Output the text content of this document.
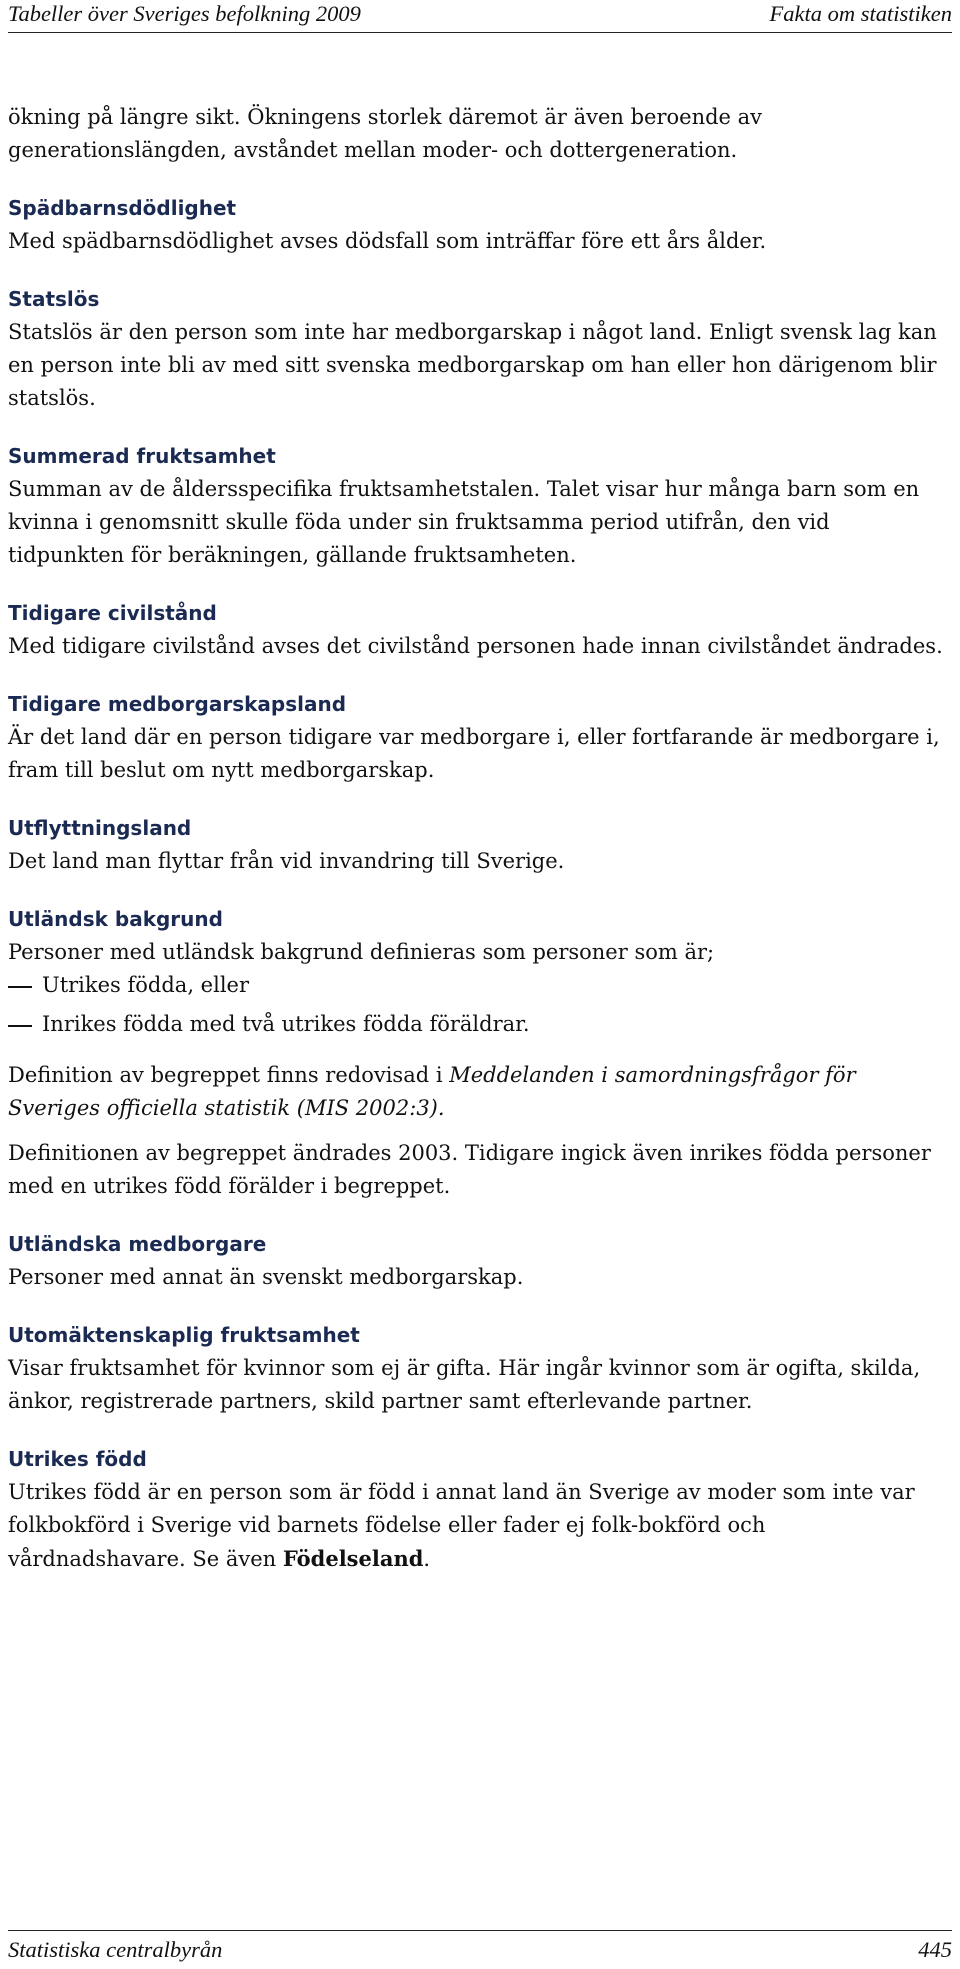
Tabeller över Sveriges befolkning 2009	Fakta om statistiken

ökning på längre sikt. Ökningens storlek däremot är även beroende av generationslängden, avståndet mellan moder- och dottergeneration.

Spädbarnsdödlighet

Med spädbarnsdödlighet avses dödsfall som inträffar före ett års ålder.

Statslös

Statslös är den person som inte har medborgarskap i något land. Enligt svensk lag kan en person inte bli av med sitt svenska medborgarskap om han eller hon därigenom blir statslös.

Summerad fruktsamhet

Summan av de åldersspecifika fruktsamhetstalen. Talet visar hur många barn som en kvinna i genomsnitt skulle föda under sin fruktsamma period utifrån, den vid tidpunkten för beräkningen, gällande fruktsamheten.

Tidigare civilstånd

Med tidigare civilstånd avses det civilstånd personen hade innan civilståndet ändrades.

Tidigare medborgarskapsland

Är det land där en person tidigare var medborgare i, eller fortfarande är medborgare i, fram till beslut om nytt medborgarskap.

Utflyttningsland

Det land man flyttar från vid invandring till Sverige.

Utländsk bakgrund

Personer med utländsk bakgrund definieras som personer som är;

Utrikes födda, eller
Inrikes födda med två utrikes födda föräldrar.

Definition av begreppet finns redovisad i Meddelanden i samordningsfrågor för Sveriges officiella statistik (MIS 2002:3).

Definitionen av begreppet ändrades 2003. Tidigare ingick även inrikes födda personer med en utrikes född förälder i begreppet.

Utländska medborgare

Personer med annat än svenskt medborgarskap.

Utomäktenskaplig fruktsamhet

Visar fruktsamhet för kvinnor som ej är gifta. Här ingår kvinnor som är ogifta, skilda, änkor, registrerade partners, skild partner samt efterlevande partner.

Utrikes född

Utrikes född är en person som är född i annat land än Sverige av moder som inte var folkbokförd i Sverige vid barnets födelse eller fader ej folk-bokförd och vårdnadshavare. Se även Födelseland.

Statistiska centralbyrån	445
